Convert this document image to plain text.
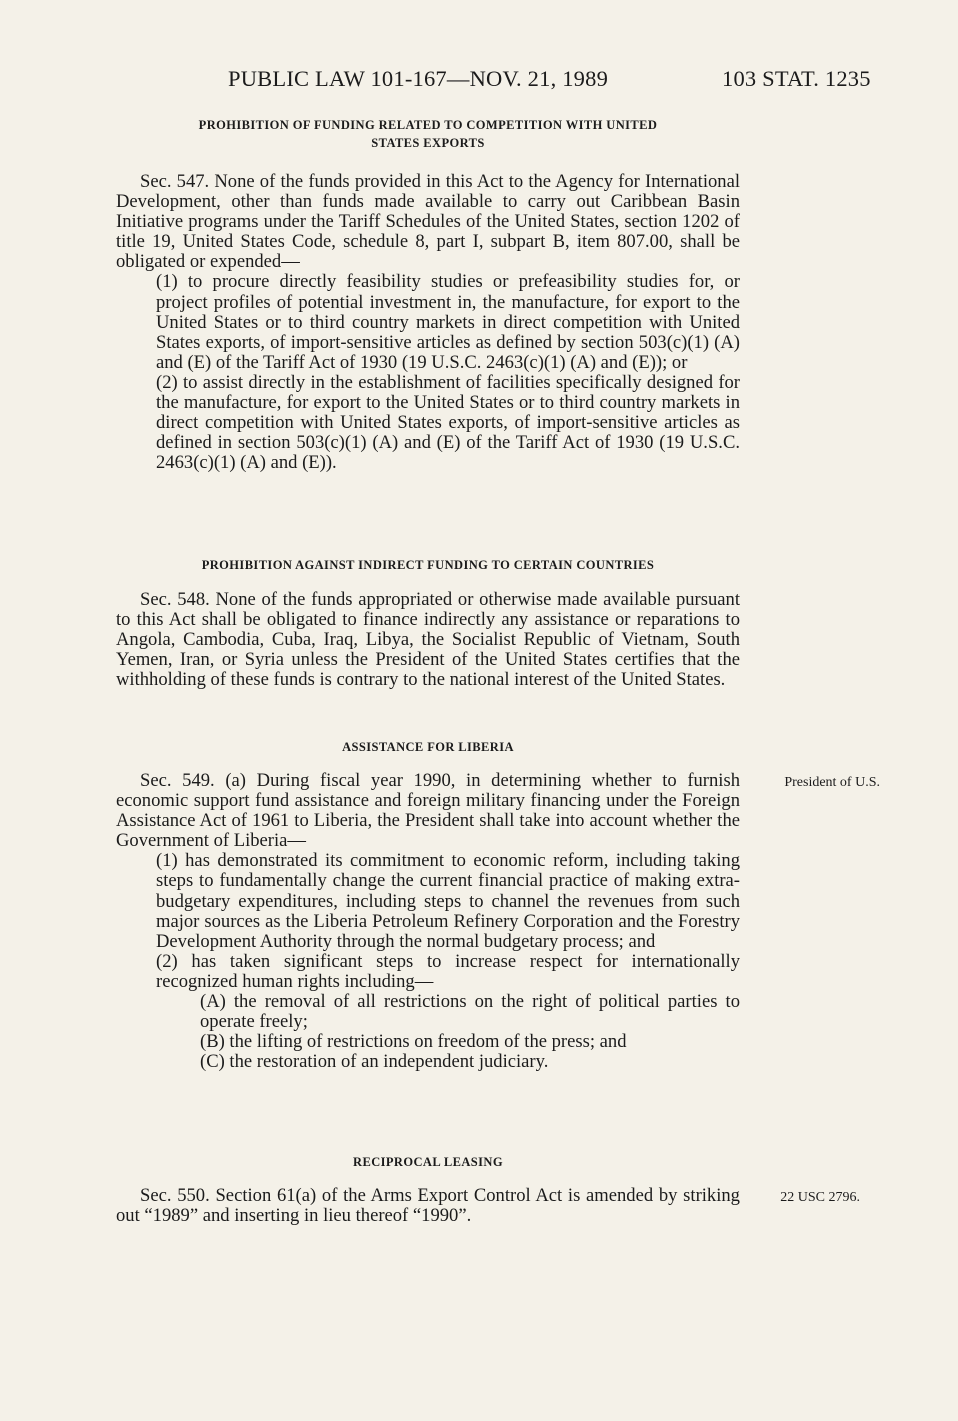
PUBLIC LAW 101-167—NOV. 21, 1989	103 STAT. 1235
PROHIBITION OF FUNDING RELATED TO COMPETITION WITH UNITED
STATES EXPORTS

Sec. 547. None of the funds provided in this Act to the Agency for International Development, other than funds made available to carry out Caribbean Basin Initiative programs under the Tariff Schedules of the United States, section 1202 of title 19, United States Code, schedule 8, part I, subpart B, item 807.00, shall be obligated or expended—

(1) to procure directly feasibility studies or prefeasibility studies for, or project profiles of potential investment in, the manufacture, for export to the United States or to third country markets in direct competition with United States exports, of import-sensitive articles as defined by section 503(c)(1) (A) and (E) of the Tariff Act of 1930 (19 U.S.C. 2463(c)(1) (A) and (E)); or

(2) to assist directly in the establishment of facilities specifically designed for the manufacture, for export to the United States or to third country markets in direct competition with United States exports, of import-sensitive articles as defined in section 503(c)(1) (A) and (E) of the Tariff Act of 1930 (19 U.S.C. 2463(c)(1) (A) and (E)).

PROHIBITION AGAINST INDIRECT FUNDING TO CERTAIN COUNTRIES

Sec. 548. None of the funds appropriated or otherwise made available pursuant to this Act shall be obligated to finance indirectly any assistance or reparations to Angola, Cambodia, Cuba, Iraq, Libya, the Socialist Republic of Vietnam, South Yemen, Iran, or Syria unless the President of the United States certifies that the withholding of these funds is contrary to the national interest of the United States.

ASSISTANCE FOR LIBERIA

Sec. 549. (a) During fiscal year 1990, in determining whether to furnish economic support fund assistance and foreign military financing under the Foreign Assistance Act of 1961 to Liberia, the President shall take into account whether the Government of Liberia—

(1) has demonstrated its commitment to economic reform, including taking steps to fundamentally change the current financial practice of making extra-budgetary expenditures, including steps to channel the revenues from such major sources as the Liberia Petroleum Refinery Corporation and the Forestry Development Authority through the normal budgetary process; and

(2) has taken significant steps to increase respect for internationally recognized human rights including—

(A) the removal of all restrictions on the right of political parties to operate freely;

(B) the lifting of restrictions on freedom of the press; and

(C) the restoration of an independent judiciary.

President of U.S.
RECIPROCAL LEASING

Sec. 550. Section 61(a) of the Arms Export Control Act is amended by striking out “1989” and inserting in lieu thereof “1990”.

22 USC 2796.
